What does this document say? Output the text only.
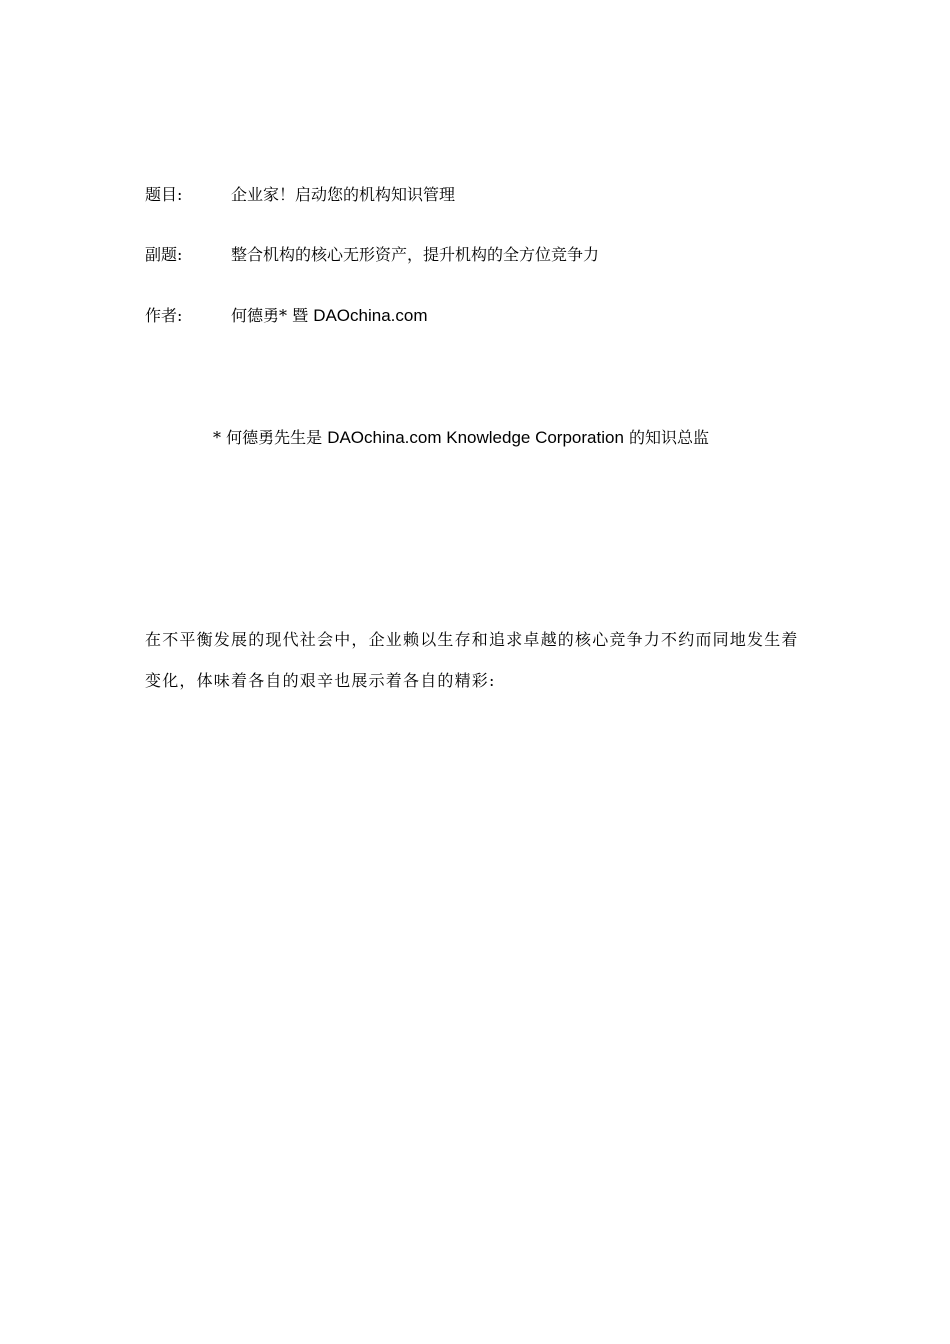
题目:	企业家！启动您的机构知识管理
副题:	整合机构的核心无形资产，提升机构的全方位竞争力
作者:	何德勇* 暨 DAOchina.com
* 何德勇先生是 DAOchina.com Knowledge Corporation 的知识总监

在不平衡发展的现代社会中，企业赖以生存和追求卓越的核心竞争力不约而同地发生着变化，体味着各自的艰辛也展示着各自的精彩:
